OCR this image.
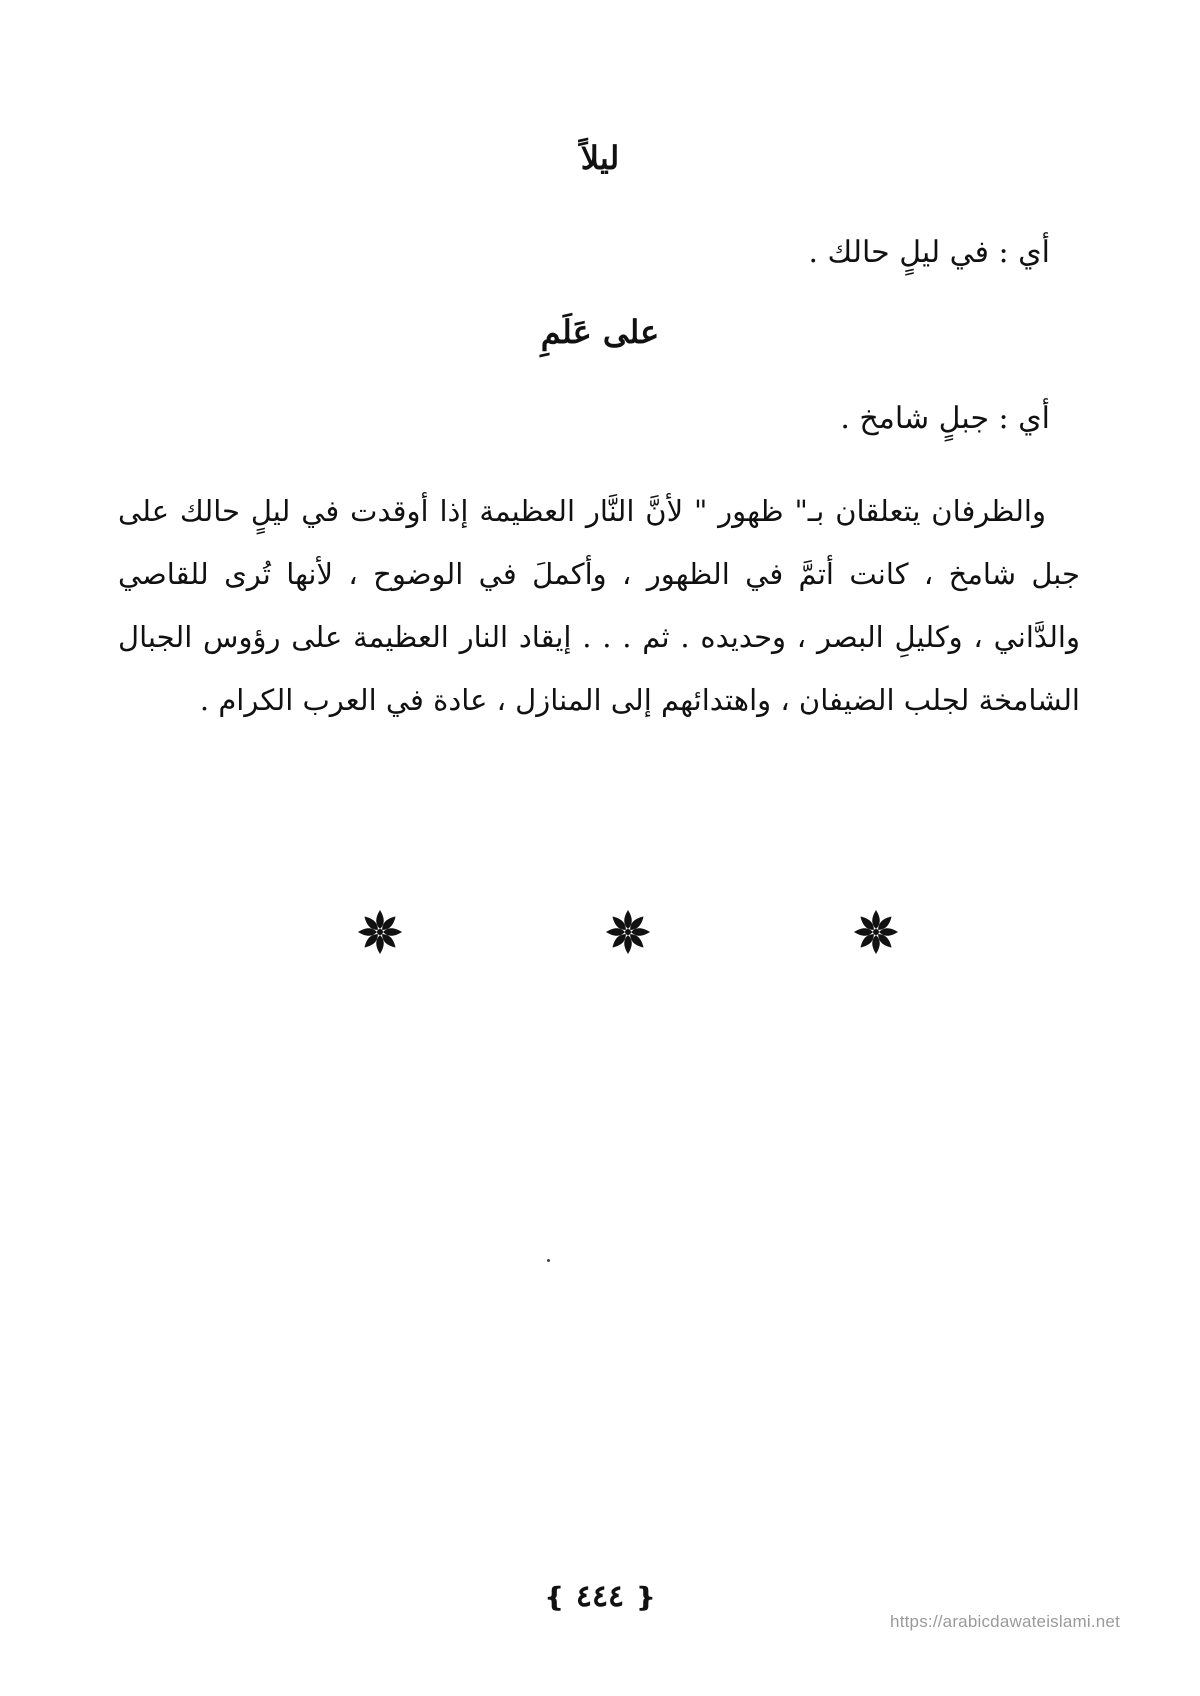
ليلاً
أي : في ليلٍ حالك .
على عَلَمِ
أي : جبلٍ شامخ .
والظرفان يتعلقان بـ" ظهور " لأنَّ النَّار العظيمة إذا أوقدت في ليلٍ حالك على جبل شامخ ، كانت أتمَّ في الظهور ، وأكملَ في الوضوح ، لأنها تُرى للقاصي والدَّاني ، وكليلِ البصر ، وحديده . ثم . . . إيقاد النار العظيمة على رؤوس الجبال الشامخة لجلب الضيفان ، واهتدائهم إلى المنازل ، عادة في العرب الكرام .
❴ ٤٤٤ ❵
https://arabicdawateislami.net
